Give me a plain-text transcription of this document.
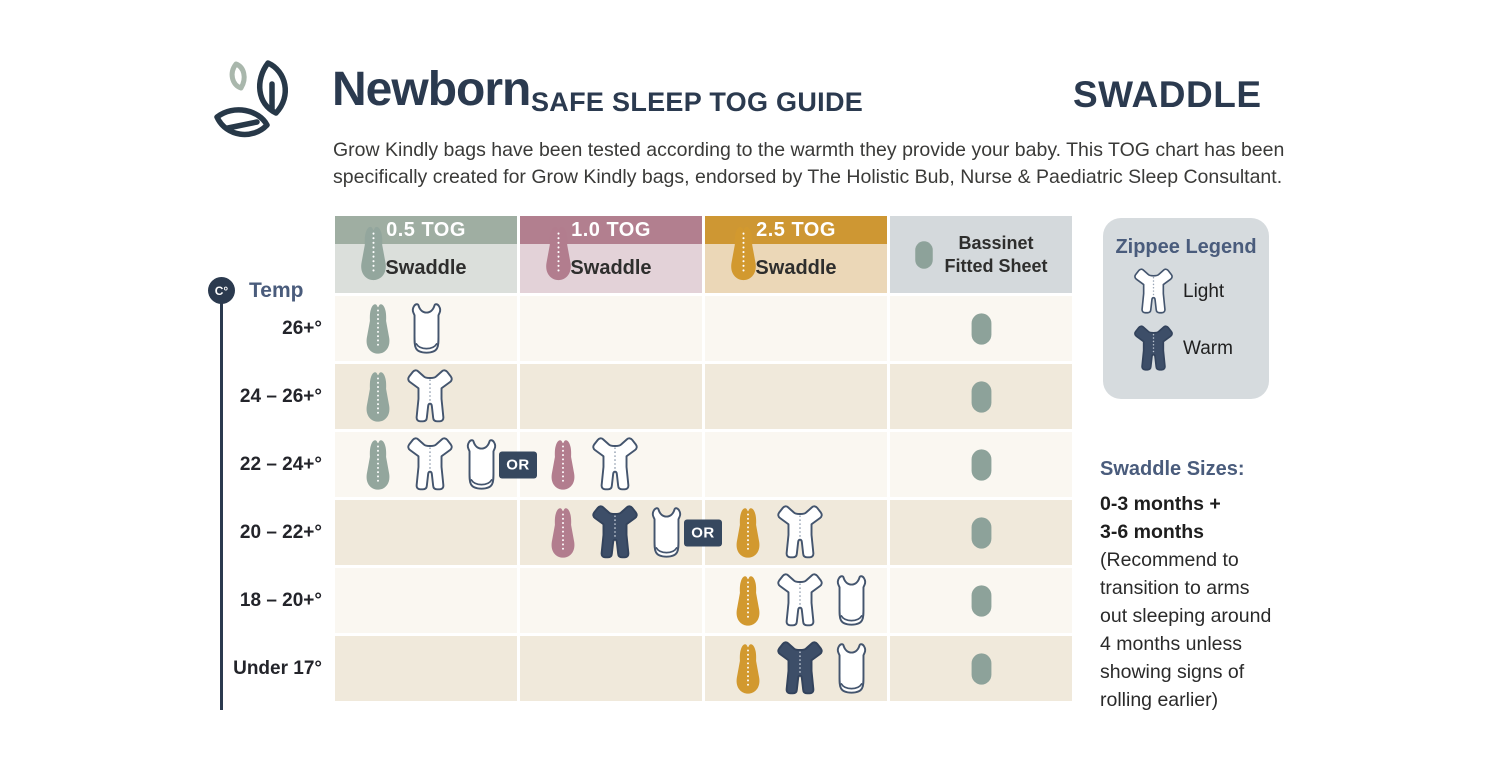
Newborn SAFE SLEEP TOG GUIDE	SWADDLE
Grow Kindly bags have been tested according to the warmth they provide your baby. This TOG chart has been
specifically created for Grow Kindly bags, endorsed by The Holistic Bub, Nurse & Paediatric Sleep Consultant.
C° Temp
26+°
24 – 26+°
22 – 24+°
20 – 22+°
18 – 20+°
Under 17°
0.5 TOG
Swaddle
1.0 TOG
Swaddle
2.5 TOG
Swaddle
Bassinet
Fitted Sheet
OR
OR
Zippee Legend
Light
Warm
Swaddle Sizes:
0-3 months +
3-6 months
(Recommend to
transition to arms
out sleeping around
4 months unless
showing signs of
rolling earlier)
